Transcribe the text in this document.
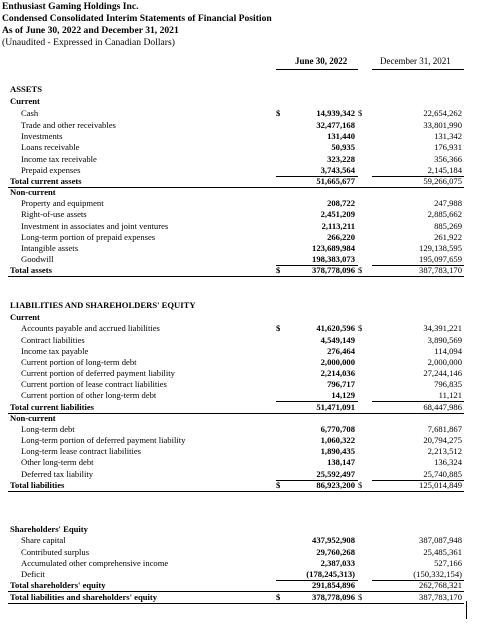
Enthusiast Gaming Holdings Inc.
Condensed Consolidated Interim Statements of Financial Position
As of June 30, 2022 and December 31, 2021
(Unaudited - Expressed in Canadian Dollars)
June 30, 2022	December 31, 2021
ASSETS
Current
Cash	$	14,939,342 $	22,654,262
Trade and other receivables	32,477,168	33,801,990
Investments	131,440	131,342
Loans receivable	50,935	176,931
Income tax receivable	323,228	356,366
Prepaid expenses	3,743,564	2,145,184
Total current assets	51,665,677	59,266,075
Non-current
Property and equipment	208,722	247,988
Right-of-use assets	2,451,209	2,885,662
Investment in associates and joint ventures	2,113,211	885,269
Long-term portion of prepaid expenses	266,220	261,922
Intangible assets	123,689,984	129,138,595
Goodwill	198,383,073	195,097,659
Total assets	$	378,778,096 $	387,783,170
LIABILITIES AND SHAREHOLDERS' EQUITY
Current
Accounts payable and accrued liabilities	$	41,620,596 $	34,391,221
Contract liabilities	4,549,149	3,890,569
Income tax payable	276,464	114,094
Current portion of long-term debt	2,000,000	2,000,000
Current portion of deferred payment liability	2,214,036	27,244,146
Current portion of lease contract liabilities	796,717	796,835
Current portion of other long-term debt	14,129	11,121
Total current liabilities	51,471,091	68,447,986
Non-current
Long-term debt	6,770,708	7,681,867
Long-term portion of deferred payment liability	1,060,322	20,794,275
Long-term lease contract liabilities	1,890,435	2,213,512
Other long-term debt	138,147	136,324
Deferred tax liability	25,592,497	25,740,885
Total liabilities	$	86,923,200 $	125,014,849
Shareholders' Equity
Share capital	437,952,908	387,087,948
Contributed surplus	29,760,268	25,485,361
Accumulated other comprehensive income	2,387,033	527,166
Deficit	(178,245,313)	(150,332,154)
Total shareholders' equity	291,854,896	262,768,321
Total liabilities and shareholders' equity	$	378,778,096 $	387,783,170
